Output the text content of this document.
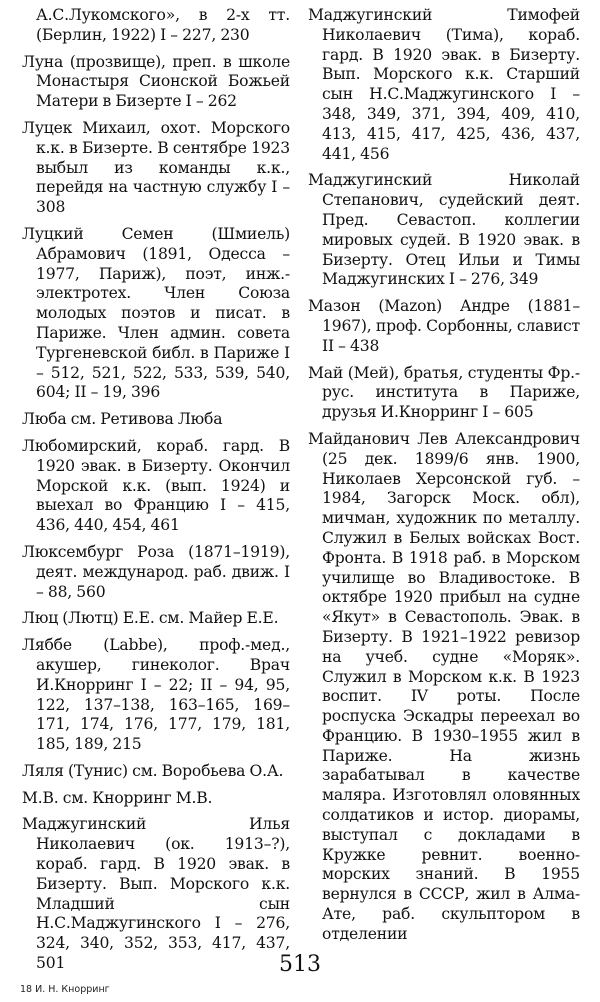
А.С.Лукомского», в 2-х тт. (Берлин, 1922) I – 227, 230

Луна (прозвище), преп. в школе Монастыря Сионской Божьей Матери в Бизерте I – 262

Луцек Михаил, охот. Морского к.к. в Бизерте. В сентябре 1923 выбыл из команды к.к., перейдя на частную службу I – 308

Луцкий Семен (Шмиель) Абрамович (1891, Одесса – 1977, Париж), поэт, инж.-электротех. Член Союза молодых поэтов и писат. в Париже. Член админ. совета Тургеневской библ. в Париже I – 512, 521, 522, 533, 539, 540, 604; II – 19, 396

Люба см. Ретивова Люба

Любомирский, кораб. гард. В 1920 эвак. в Бизерту. Окончил Морской к.к. (вып. 1924) и выехал во Францию I – 415, 436, 440, 454, 461

Люксембург Роза (1871–1919), деят. международ. раб. движ. I – 88, 560

Люц (Лютц) Е.Е. см. Майер Е.Е.

Ляббе (Labbe), проф.-мед., акушер, гинеколог. Врач И.Кнорринг I – 22; II – 94, 95, 122, 137–138, 163–165, 169–171, 174, 176, 177, 179, 181, 185, 189, 215

Ляля (Тунис) см. Воробьева О.А.

М.В. см. Кнорринг М.В.

Маджугинский Илья Николаевич (ок. 1913–?), кораб. гард. В 1920 эвак. в Бизерту. Вып. Морского к.к. Младший сын Н.С.Маджугинского I – 276, 324, 340, 352, 353, 417, 437, 501

Маджугинский Тимофей Николаевич (Тима), кораб. гард. В 1920 эвак. в Бизерту. Вып. Морского к.к. Старший сын Н.С.Маджугинского I – 348, 349, 371, 394, 409, 410, 413, 415, 417, 425, 436, 437, 441, 456

Маджугинский Николай Степанович, судейский деят. Пред. Севастоп. коллегии мировых судей. В 1920 эвак. в Бизерту. Отец Ильи и Тимы Маджугинских I – 276, 349

Мазон (Mazon) Андре (1881–1967), проф. Сорбонны, славист II – 438

Май (Мей), братья, студенты Фр.-рус. института в Париже, друзья И.Кнорринг I – 605

Майданович Лев Александрович (25 дек. 1899/6 янв. 1900, Николаев Херсонской губ. – 1984, Загорск Моск. обл), мичман, художник по металлу. Служил в Белых войсках Вост. Фронта. В 1918 раб. в Морском училище во Владивостоке. В октябре 1920 прибыл на судне «Якут» в Севастополь. Эвак. в Бизерту. В 1921–1922 ревизор на учеб. судне «Моряк». Служил в Морском к.к. В 1923 воспит. IV роты. После роспуска Эскадры переехал во Францию. В 1930–1955 жил в Париже. На жизнь зарабатывал в качестве маляра. Изготовлял оловянных солдатиков и истор. диорамы, выступал с докладами в Кружке ревнит. военно-морских знаний. В 1955 вернулся в СССР, жил в Алма-Ате, раб. скульптором в отделении

513
18 И. Н. Кнорринг
